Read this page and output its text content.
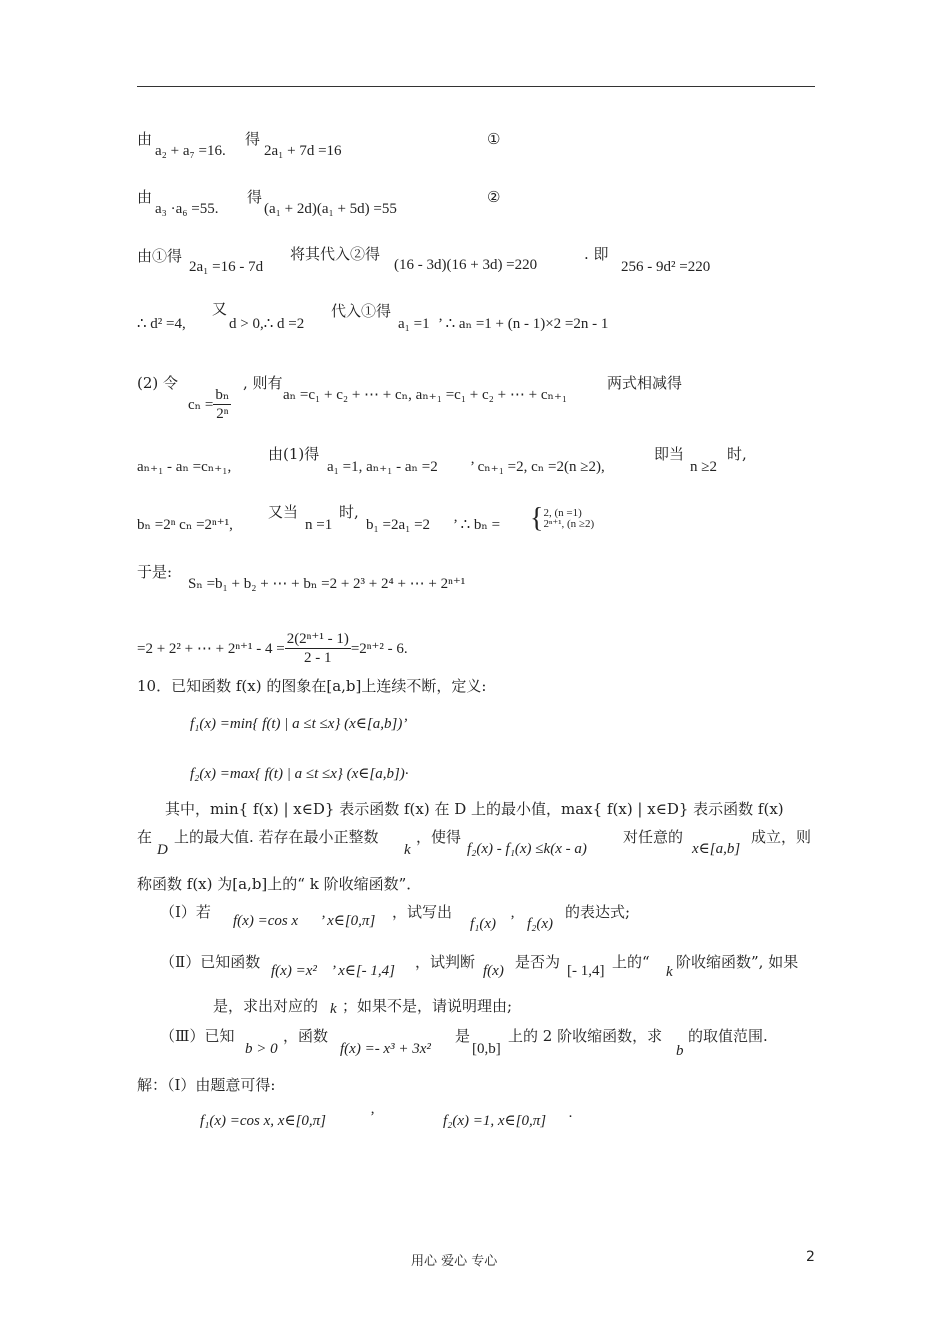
由
a₂ + a₇ =16.
得
2a₁ + 7d =16
①
由
a₃ ·a₆ =55.
得
(a₁ + 2d)(a₁ + 5d) =55
②
由①得
2a₁ =16 - 7d
将其代入②得
(16 - 3d)(16 + 3d) =220
. 即
256 - 9d² =220
∴ d² =4,
又
d > 0,∴ d =2
代入①得
a₁ =1 ’ ∴ aₙ =1 + (n - 1)×2 =2n - 1
(2) 令
$c_n = \frac{\text{bₙ}}{\text{2ⁿ}}$
, 则有
aₙ =c₁ + c₂ + ⋯ + cₙ, aₙ₊₁ =c₁ + c₂ + ⋯ + cₙ₊₁
两式相减得
aₙ₊₁ - aₙ =cₙ₊₁,
由(1)得
a₁ =1, aₙ₊₁ - aₙ =2 ’ cₙ₊₁ =2, cₙ =2(n ≥2),
即当
n ≥2
时,
bₙ =2ⁿ cₙ =2ⁿ⁺¹,
又当
n =1
时,
b₁ =2a₁ =2 ’ ∴ bₙ = { 2, (n =1)
2ⁿ⁺¹, (n ≥2)
于是:
Sₙ =b₁ + b₂ + ⋯ + bₙ =2 + 2³ + 2⁴ + ⋯ + 2ⁿ⁺¹
=2 + 2² + ⋯ + $2^{n+1} - 4 = \frac{\text{2(2ⁿ⁺¹ - 1)}}{2 - 1} =2^{n+2} - 6$.
10．已知函数 f(x) 的图象在[a,b]上连续不断，定义:
f₁(x) =min{ f(t) | a ≤t ≤x} (x∈[a,b])’
f₂(x) =max{ f(t) | a ≤t ≤x} (x∈[a,b])·
其中，min{ f(x) | x∈D} 表示函数 f(x) 在 D 上的最小值，max{ f(x) | x∈D} 表示函数 f(x)
在
D
上的最大值. 若存在最小正整数
k
，使得
f₂(x) - f₁(x) ≤k(x - a)
对任意的
x∈[a,b]
成立，则
称函数 f(x) 为[a,b]上的“ k 阶收缩函数”．
（Ⅰ）若 f(x) =cos x ’ x∈[0,π] ，试写出
f₁(x) ’ f₂(x)
的表达式;
（Ⅱ）已知函数 f(x) =x² ’ x∈[- 1,4] ，试判断 f(x) 是否为 [- 1,4] 上的“
k
阶收缩函数”, 如果
是，求出对应的 k ；如果不是，请说明理由;
（Ⅲ）已知
b > 0
，函数
f(x) =- x³ + 3x²
是
[0,b]
上的 2 阶收缩函数，求
b
的取值范围.
解：（Ⅰ）由题意可得:
f₁(x) =cos x, x∈[0,π]	’	f₂(x) =1, x∈[0,π] ·
用心 爱心 专心	2
